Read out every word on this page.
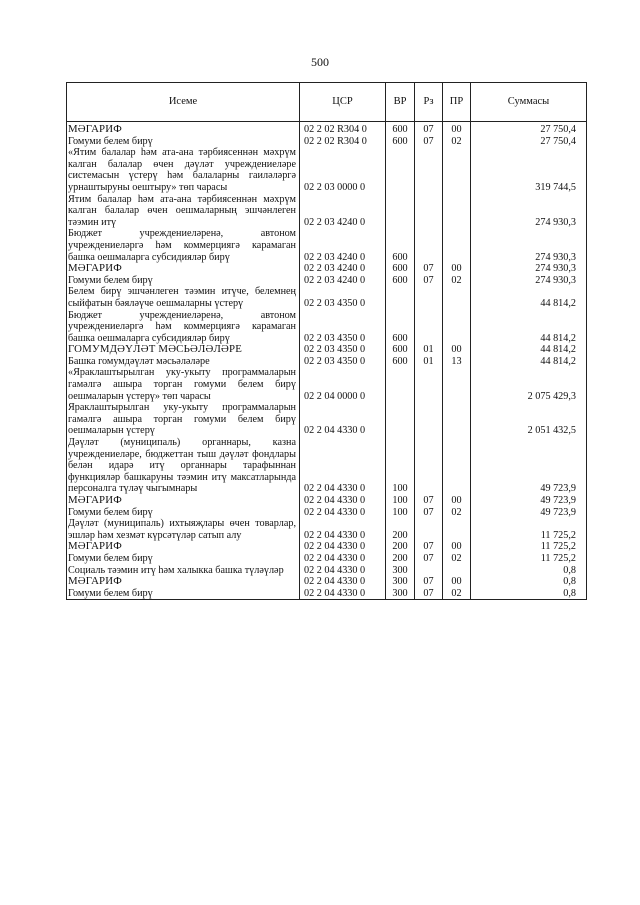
500
Исеме	ЦСР	ВР	Рз	ПР	Суммасы
МӘГАРИФ	02 2 02 R304 0	600	07	00	27 750,4
Гомуми белем бирү	02 2 02 R304 0	600	07	02	27 750,4
«Ятим балалар һәм ата-ана тәрбиясеннән мәхрүм калган балалар өчен дәүләт учреждениеләре системасын үстерү һәм балаларны гаиләләргә урнаштыруны оештыру» төп чарасы	02 2 03 0000 0				319 744,5
Ятим балалар һәм ата-ана тәрбиясеннән мәхрүм калган балалар өчен оешмаларның эшчәнлеген тәэмин итү	02 2 03 4240 0				274 930,3
Бюджет учреждениеләренә, автоном учреждениеләргә һәм коммерциягә карамаган башка оешмаларга субсидияләр бирү	02 2 03 4240 0	600			274 930,3
МӘГАРИФ	02 2 03 4240 0	600	07	00	274 930,3
Гомуми белем бирү	02 2 03 4240 0	600	07	02	274 930,3
Белем бирү эшчәнлеген тәэмин итүче, белемнең сыйфатын бәяләүче оешмаларны үстерү	02 2 03 4350 0				44 814,2
Бюджет учреждениеләренә, автоном учреждениеләргә һәм коммерциягә карамаган башка оешмаларга субсидияләр бирү	02 2 03 4350 0	600			44 814,2
ГОМУМДӘҮЛӘТ МӘСЬӘЛӘЛӘРЕ	02 2 03 4350 0	600	01	00	44 814,2
Башка гомумдәүләт мәсьәләләре	02 2 03 4350 0	600	01	13	44 814,2
«Яраклаштырылган уку-укыту программаларын гамәлгә ашыра торган гомуми белем бирү оешмаларын үстерү» төп чарасы	02 2 04 0000 0				2 075 429,3
Яраклаштырылган уку-укыту программаларын гамәлгә ашыра торган гомуми белем бирү оешмаларын үстерү	02 2 04 4330 0				2 051 432,5
Дәүләт (муниципаль) органнары, казна учреждениеләре, бюджеттан тыш дәүләт фондлары белән идарә итү органнары тарафыннан функцияләр башкаруны тәэмин итү максатларында персоналга түләү чыгымнары	02 2 04 4330 0	100			49 723,9
МӘГАРИФ	02 2 04 4330 0	100	07	00	49 723,9
Гомуми белем бирү	02 2 04 4330 0	100	07	02	49 723,9
Дәүләт (муниципаль) ихтыяҗлары өчен товарлар, эшләр һәм хезмәт күрсәтүләр сатып алу	02 2 04 4330 0	200			11 725,2
МӘГАРИФ	02 2 04 4330 0	200	07	00	11 725,2
Гомуми белем бирү	02 2 04 4330 0	200	07	02	11 725,2
Социаль тәэмин итү һәм халыкка башка түләүләр	02 2 04 4330 0	300			0,8
МӘГАРИФ	02 2 04 4330 0	300	07	00	0,8
Гомуми белем бирү	02 2 04 4330 0	300	07	02	0,8
